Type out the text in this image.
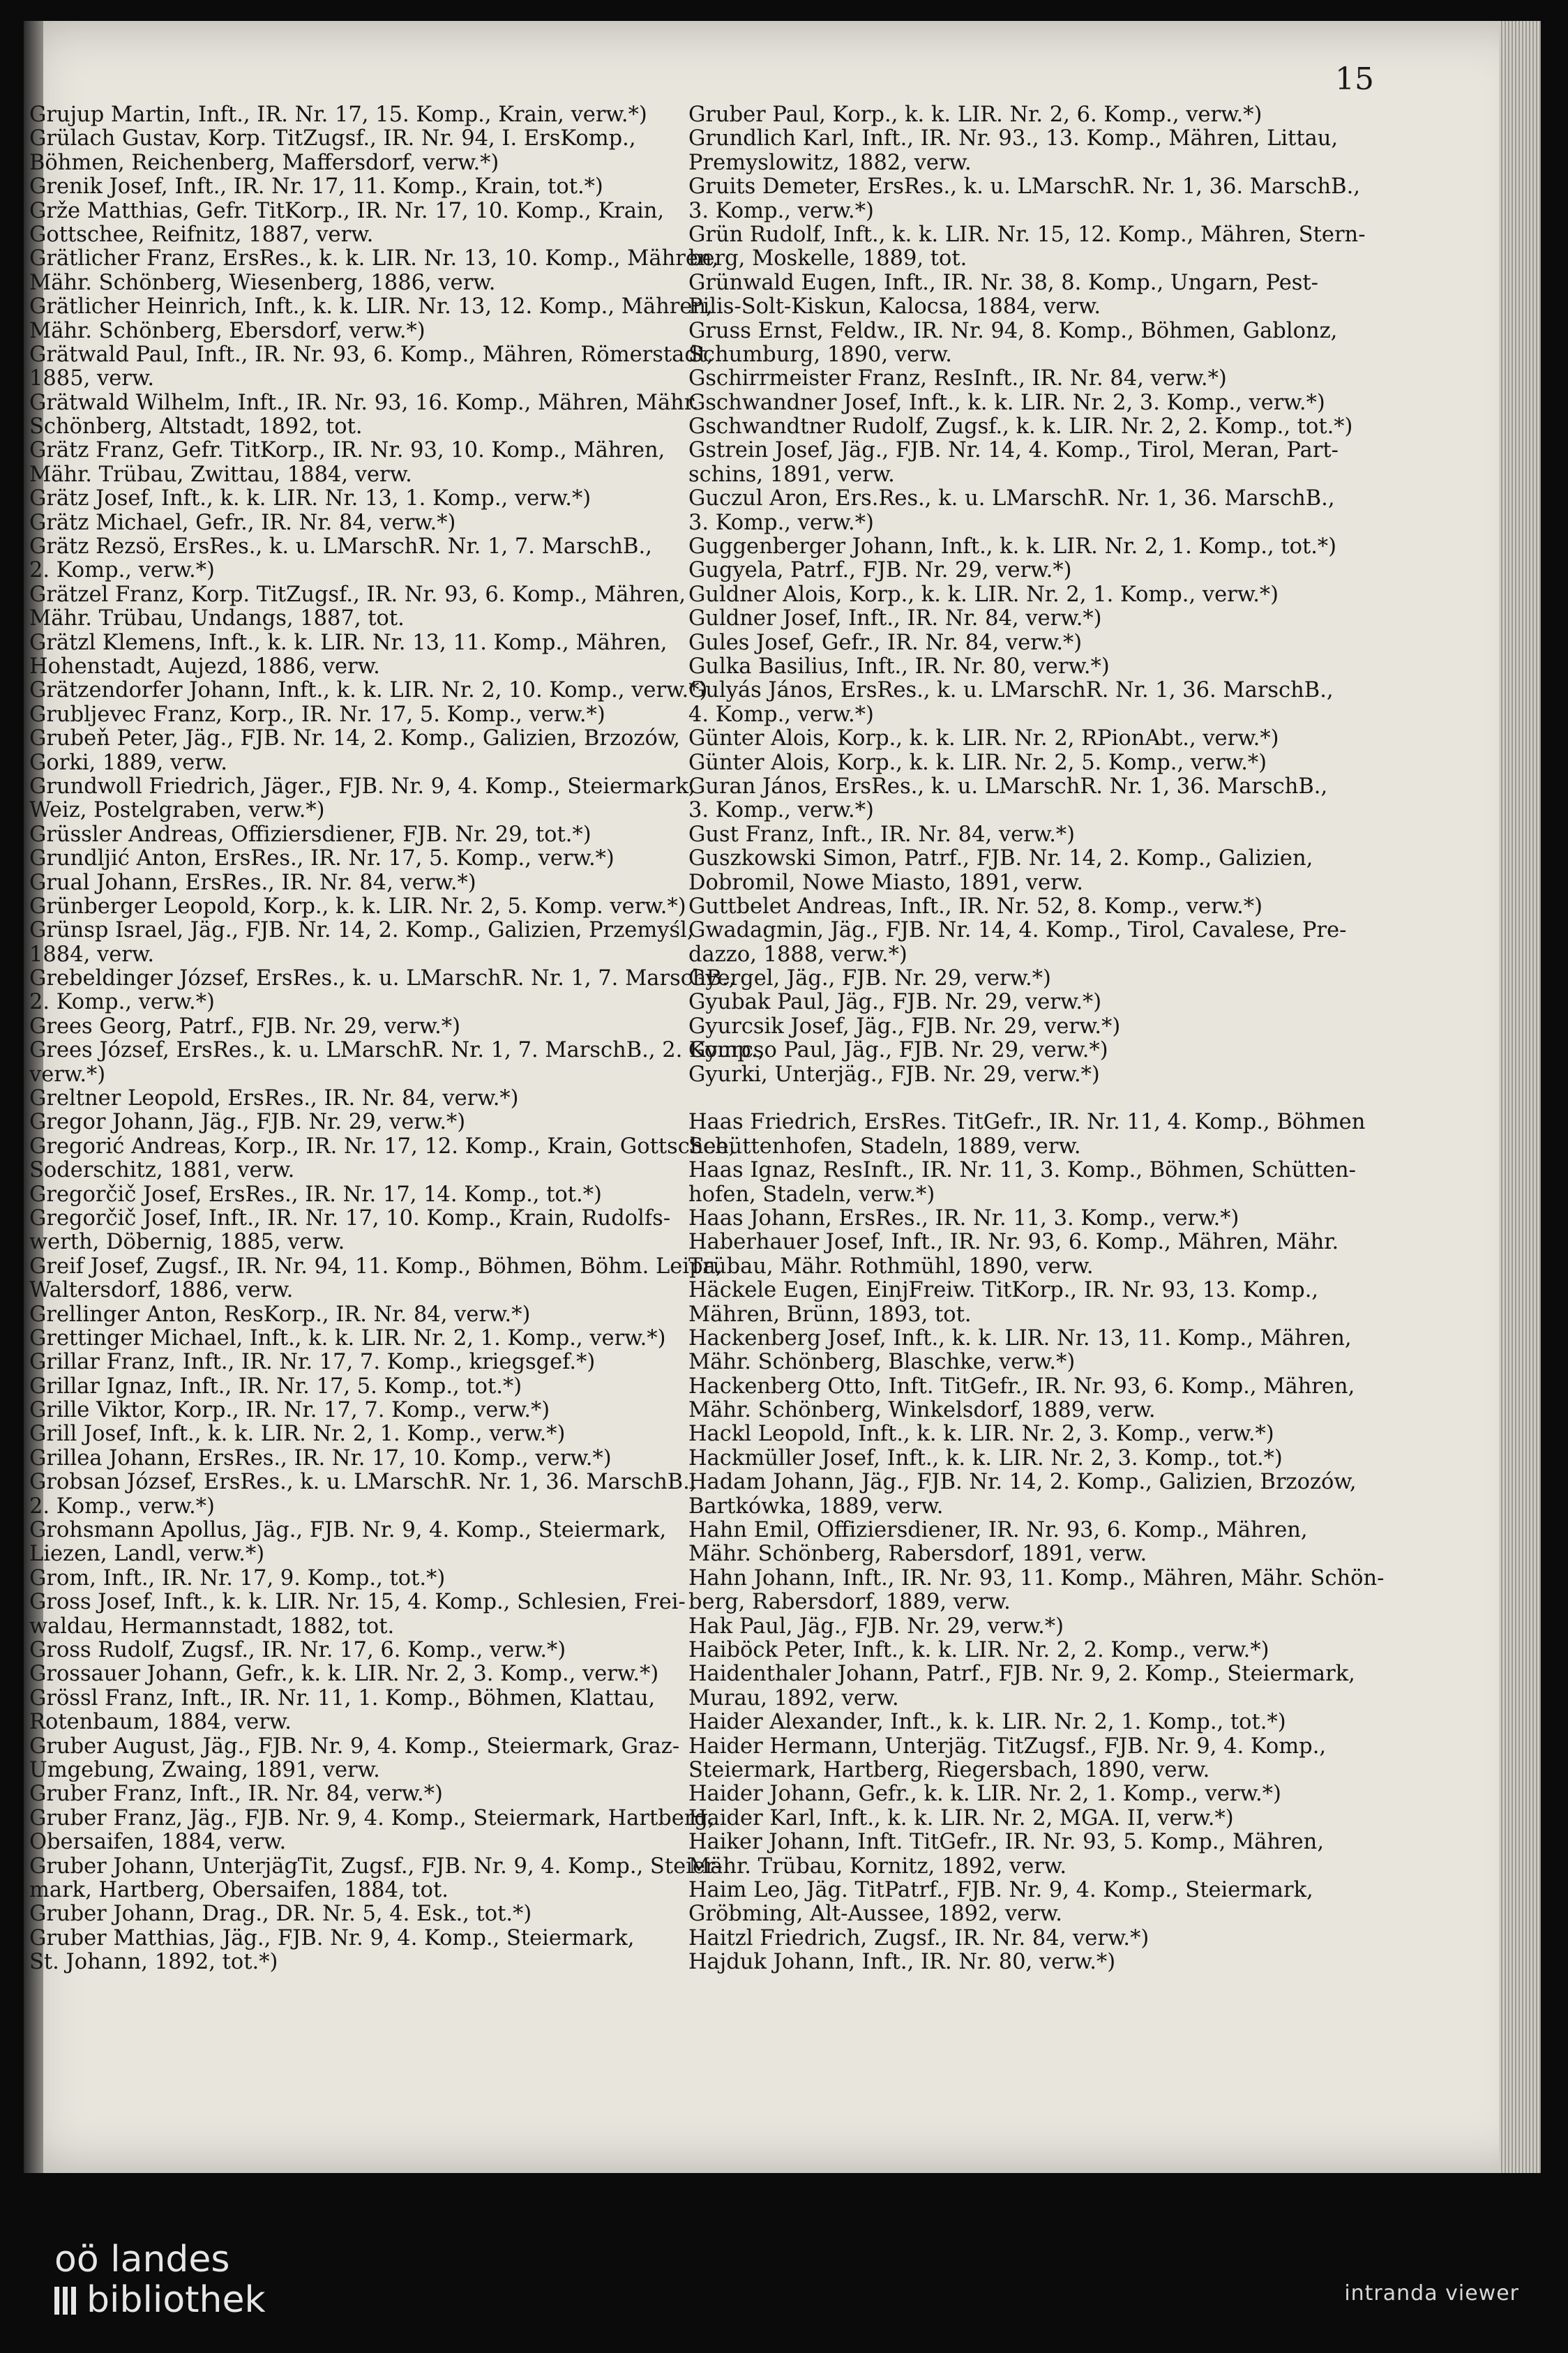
15
Grujup Martin, Inft., IR. Nr. 17, 15. Komp., Krain, verw.*)
Grülach Gustav, Korp. TitZugsf., IR. Nr. 94, I. ErsKomp.,
Böhmen, Reichenberg, Maffersdorf, verw.*)
Grenik Josef, Inft., IR. Nr. 17, 11. Komp., Krain, tot.*)
Grže Matthias, Gefr. TitKorp., IR. Nr. 17, 10. Komp., Krain,
Gottschee, Reifnitz, 1887, verw.
Grätlicher Franz, ErsRes., k. k. LIR. Nr. 13, 10. Komp., Mähren,
Mähr. Schönberg, Wiesenberg, 1886, verw.
Grätlicher Heinrich, Inft., k. k. LIR. Nr. 13, 12. Komp., Mähren,
Mähr. Schönberg, Ebersdorf, verw.*)
Grätwald Paul, Inft., IR. Nr. 93, 6. Komp., Mähren, Römerstadt,
1885, verw.
Grätwald Wilhelm, Inft., IR. Nr. 93, 16. Komp., Mähren, Mähr.
Schönberg, Altstadt, 1892, tot.
Grätz Franz, Gefr. TitKorp., IR. Nr. 93, 10. Komp., Mähren,
Mähr. Trübau, Zwittau, 1884, verw.
Grätz Josef, Inft., k. k. LIR. Nr. 13, 1. Komp., verw.*)
Grätz Michael, Gefr., IR. Nr. 84, verw.*)
Grätz Rezsö, ErsRes., k. u. LMarschR. Nr. 1, 7. MarschB.,
2. Komp., verw.*)
Grätzel Franz, Korp. TitZugsf., IR. Nr. 93, 6. Komp., Mähren,
Mähr. Trübau, Undangs, 1887, tot.
Grätzl Klemens, Inft., k. k. LIR. Nr. 13, 11. Komp., Mähren,
Hohenstadt, Aujezd, 1886, verw.
Grätzendorfer Johann, Inft., k. k. LIR. Nr. 2, 10. Komp., verw.*)
Grubljevec Franz, Korp., IR. Nr. 17, 5. Komp., verw.*)
Grubeň Peter, Jäg., FJB. Nr. 14, 2. Komp., Galizien, Brzozów,
Gorki, 1889, verw.
Grundwoll Friedrich, Jäger., FJB. Nr. 9, 4. Komp., Steiermark,
Weiz, Postelgraben, verw.*)
Grüssler Andreas, Offiziersdiener, FJB. Nr. 29, tot.*)
Grundljić Anton, ErsRes., IR. Nr. 17, 5. Komp., verw.*)
Grual Johann, ErsRes., IR. Nr. 84, verw.*)
Grünberger Leopold, Korp., k. k. LIR. Nr. 2, 5. Komp. verw.*)
Grünsp Israel, Jäg., FJB. Nr. 14, 2. Komp., Galizien, Przemyśl,
1884, verw.
Grebeldinger József, ErsRes., k. u. LMarschR. Nr. 1, 7. MarschB.,
2. Komp., verw.*)
Grees Georg, Patrf., FJB. Nr. 29, verw.*)
Grees József, ErsRes., k. u. LMarschR. Nr. 1, 7. MarschB., 2. Komp.,
verw.*)
Greltner Leopold, ErsRes., IR. Nr. 84, verw.*)
Gregor Johann, Jäg., FJB. Nr. 29, verw.*)
Gregorić Andreas, Korp., IR. Nr. 17, 12. Komp., Krain, Gottschee,
Soderschitz, 1881, verw.
Gregorčič Josef, ErsRes., IR. Nr. 17, 14. Komp., tot.*)
Gregorčič Josef, Inft., IR. Nr. 17, 10. Komp., Krain, Rudolfs-
werth, Döbernig, 1885, verw.
Greif Josef, Zugsf., IR. Nr. 94, 11. Komp., Böhmen, Böhm. Leipa,
Waltersdorf, 1886, verw.
Grellinger Anton, ResKorp., IR. Nr. 84, verw.*)
Grettinger Michael, Inft., k. k. LIR. Nr. 2, 1. Komp., verw.*)
Grillar Franz, Inft., IR. Nr. 17, 7. Komp., kriegsgef.*)
Grillar Ignaz, Inft., IR. Nr. 17, 5. Komp., tot.*)
Grille Viktor, Korp., IR. Nr. 17, 7. Komp., verw.*)
Grill Josef, Inft., k. k. LIR. Nr. 2, 1. Komp., verw.*)
Grillea Johann, ErsRes., IR. Nr. 17, 10. Komp., verw.*)
Grobsan József, ErsRes., k. u. LMarschR. Nr. 1, 36. MarschB.,
2. Komp., verw.*)
Grohsmann Apollus, Jäg., FJB. Nr. 9, 4. Komp., Steiermark,
Liezen, Landl, verw.*)
Grom, Inft., IR. Nr. 17, 9. Komp., tot.*)
Gross Josef, Inft., k. k. LIR. Nr. 15, 4. Komp., Schlesien, Frei-
waldau, Hermannstadt, 1882, tot.
Gross Rudolf, Zugsf., IR. Nr. 17, 6. Komp., verw.*)
Grossauer Johann, Gefr., k. k. LIR. Nr. 2, 3. Komp., verw.*)
Grössl Franz, Inft., IR. Nr. 11, 1. Komp., Böhmen, Klattau,
Rotenbaum, 1884, verw.
Gruber August, Jäg., FJB. Nr. 9, 4. Komp., Steiermark, Graz-
Umgebung, Zwaing, 1891, verw.
Gruber Franz, Inft., IR. Nr. 84, verw.*)
Gruber Franz, Jäg., FJB. Nr. 9, 4. Komp., Steiermark, Hartberg,
Obersaifen, 1884, verw.
Gruber Johann, UnterjägTit, Zugsf., FJB. Nr. 9, 4. Komp., Steier-
mark, Hartberg, Obersaifen, 1884, tot.
Gruber Johann, Drag., DR. Nr. 5, 4. Esk., tot.*)
Gruber Matthias, Jäg., FJB. Nr. 9, 4. Komp., Steiermark,
St. Johann, 1892, tot.*)
Gruber Paul, Korp., k. k. LIR. Nr. 2, 6. Komp., verw.*)
Grundlich Karl, Inft., IR. Nr. 93., 13. Komp., Mähren, Littau,
Premyslowitz, 1882, verw.
Gruits Demeter, ErsRes., k. u. LMarschR. Nr. 1, 36. MarschB.,
3. Komp., verw.*)
Grün Rudolf, Inft., k. k. LIR. Nr. 15, 12. Komp., Mähren, Stern-
berg, Moskelle, 1889, tot.
Grünwald Eugen, Inft., IR. Nr. 38, 8. Komp., Ungarn, Pest-
Pilis-Solt-Kiskun, Kalocsa, 1884, verw.
Gruss Ernst, Feldw., IR. Nr. 94, 8. Komp., Böhmen, Gablonz,
Schumburg, 1890, verw.
Gschirrmeister Franz, ResInft., IR. Nr. 84, verw.*)
Gschwandner Josef, Inft., k. k. LIR. Nr. 2, 3. Komp., verw.*)
Gschwandtner Rudolf, Zugsf., k. k. LIR. Nr. 2, 2. Komp., tot.*)
Gstrein Josef, Jäg., FJB. Nr. 14, 4. Komp., Tirol, Meran, Part-
schins, 1891, verw.
Guczul Aron, Ers.Res., k. u. LMarschR. Nr. 1, 36. MarschB.,
3. Komp., verw.*)
Guggenberger Johann, Inft., k. k. LIR. Nr. 2, 1. Komp., tot.*)
Gugyela, Patrf., FJB. Nr. 29, verw.*)
Guldner Alois, Korp., k. k. LIR. Nr. 2, 1. Komp., verw.*)
Guldner Josef, Inft., IR. Nr. 84, verw.*)
Gules Josef, Gefr., IR. Nr. 84, verw.*)
Gulka Basilius, Inft., IR. Nr. 80, verw.*)
Gulyás János, ErsRes., k. u. LMarschR. Nr. 1, 36. MarschB.,
4. Komp., verw.*)
Günter Alois, Korp., k. k. LIR. Nr. 2, RPionAbt., verw.*)
Günter Alois, Korp., k. k. LIR. Nr. 2, 5. Komp., verw.*)
Guran János, ErsRes., k. u. LMarschR. Nr. 1, 36. MarschB.,
3. Komp., verw.*)
Gust Franz, Inft., IR. Nr. 84, verw.*)
Guszkowski Simon, Patrf., FJB. Nr. 14, 2. Komp., Galizien,
Dobromil, Nowe Miasto, 1891, verw.
Guttbelet Andreas, Inft., IR. Nr. 52, 8. Komp., verw.*)
Gwadagmin, Jäg., FJB. Nr. 14, 4. Komp., Tirol, Cavalese, Pre-
dazzo, 1888, verw.*)
Gyergel, Jäg., FJB. Nr. 29, verw.*)
Gyubak Paul, Jäg., FJB. Nr. 29, verw.*)
Gyurcsik Josef, Jäg., FJB. Nr. 29, verw.*)
Gyurcso Paul, Jäg., FJB. Nr. 29, verw.*)
Gyurki, Unterjäg., FJB. Nr. 29, verw.*)
Haas Friedrich, ErsRes. TitGefr., IR. Nr. 11, 4. Komp., Böhmen
Schüttenhofen, Stadeln, 1889, verw.
Haas Ignaz, ResInft., IR. Nr. 11, 3. Komp., Böhmen, Schütten-
hofen, Stadeln, verw.*)
Haas Johann, ErsRes., IR. Nr. 11, 3. Komp., verw.*)
Haberhauer Josef, Inft., IR. Nr. 93, 6. Komp., Mähren, Mähr.
Trübau, Mähr. Rothmühl, 1890, verw.
Häckele Eugen, EinjFreiw. TitKorp., IR. Nr. 93, 13. Komp.,
Mähren, Brünn, 1893, tot.
Hackenberg Josef, Inft., k. k. LIR. Nr. 13, 11. Komp., Mähren,
Mähr. Schönberg, Blaschke, verw.*)
Hackenberg Otto, Inft. TitGefr., IR. Nr. 93, 6. Komp., Mähren,
Mähr. Schönberg, Winkelsdorf, 1889, verw.
Hackl Leopold, Inft., k. k. LIR. Nr. 2, 3. Komp., verw.*)
Hackmüller Josef, Inft., k. k. LIR. Nr. 2, 3. Komp., tot.*)
Hadam Johann, Jäg., FJB. Nr. 14, 2. Komp., Galizien, Brzozów,
Bartkówka, 1889, verw.
Hahn Emil, Offiziersdiener, IR. Nr. 93, 6. Komp., Mähren,
Mähr. Schönberg, Rabersdorf, 1891, verw.
Hahn Johann, Inft., IR. Nr. 93, 11. Komp., Mähren, Mähr. Schön-
berg, Rabersdorf, 1889, verw.
Hak Paul, Jäg., FJB. Nr. 29, verw.*)
Haiböck Peter, Inft., k. k. LIR. Nr. 2, 2. Komp., verw.*)
Haidenthaler Johann, Patrf., FJB. Nr. 9, 2. Komp., Steiermark,
Murau, 1892, verw.
Haider Alexander, Inft., k. k. LIR. Nr. 2, 1. Komp., tot.*)
Haider Hermann, Unterjäg. TitZugsf., FJB. Nr. 9, 4. Komp.,
Steiermark, Hartberg, Riegersbach, 1890, verw.
Haider Johann, Gefr., k. k. LIR. Nr. 2, 1. Komp., verw.*)
Haider Karl, Inft., k. k. LIR. Nr. 2, MGA. II, verw.*)
Haiker Johann, Inft. TitGefr., IR. Nr. 93, 5. Komp., Mähren,
Mähr. Trübau, Kornitz, 1892, verw.
Haim Leo, Jäg. TitPatrf., FJB. Nr. 9, 4. Komp., Steiermark,
Gröbming, Alt-Aussee, 1892, verw.
Haitzl Friedrich, Zugsf., IR. Nr. 84, verw.*)
Hajduk Johann, Inft., IR. Nr. 80, verw.*)
oö landes
bibliothek	intranda viewer
